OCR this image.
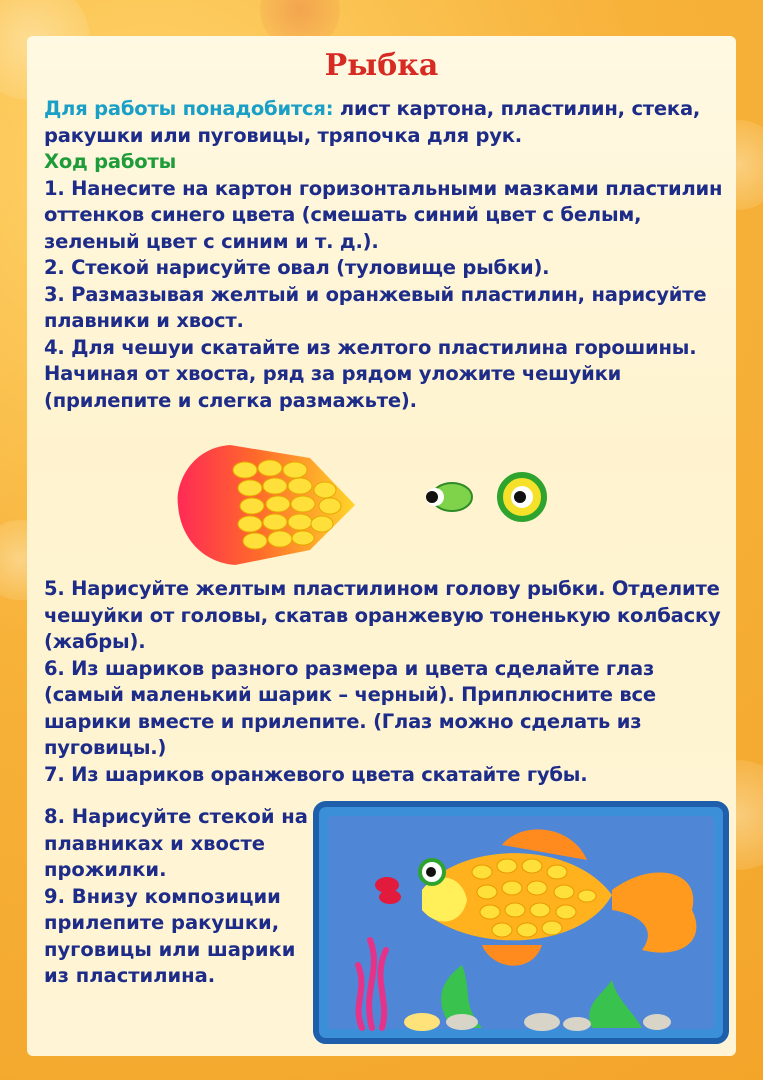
Рыбка

Для работы понадобится: лист картона, пластилин, стека, ракушки или пуговицы, тряпочка для рук.

Ход работы

1. Нанесите на картон горизонтальными мазками пластилин оттенков синего цвета (смешать синий цвет с белым, зеленый цвет с синим и т. д.).

2. Стекой нарисуйте овал (туловище рыбки).

3. Размазывая желтый и оранжевый пластилин, нарисуйте плавники и хвост.

4. Для чешуи скатайте из желтого пластилина горошины. Начиная от хвоста, ряд за рядом уложите чешуйки (прилепите и слегка размажьте).

5. Нарисуйте желтым пластилином голову рыбки. Отделите чешуйки от головы, скатав оранжевую тоненькую колбаску (жабры).

6. Из шариков разного размера и цвета сделайте глаз (самый маленький шарик – черный). Приплюсните все шарики вместе и прилепите. (Глаз можно сделать из пуговицы.)

7. Из шариков оранжевого цвета скатайте губы.

8. Нарисуйте стекой на плавниках и хвосте прожилки.

9. Внизу композиции прилепите ракушки, пуговицы или шарики из пластилина.
